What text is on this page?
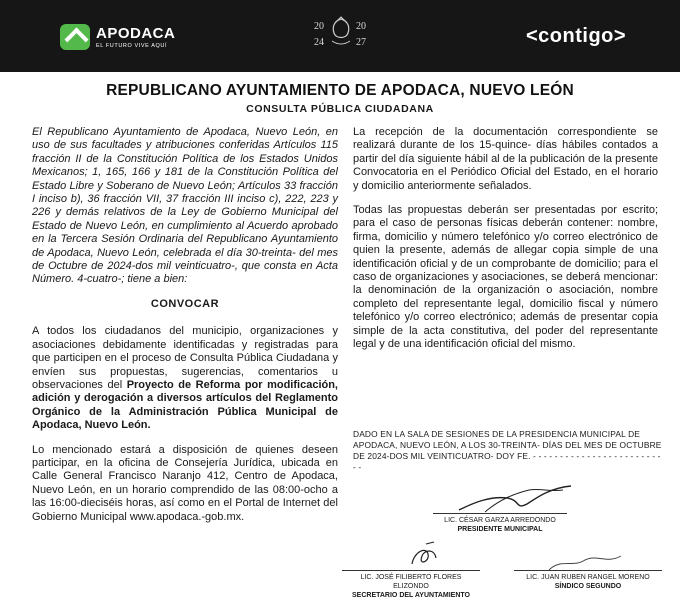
APODACA
EL FUTURO VIVE AQUÍ
20	20
24	27	<contigo>
REPUBLICANO AYUNTAMIENTO DE APODACA, NUEVO LEÓN
CONSULTA PÚBLICA CIUDADANA

El Republicano Ayuntamiento de Apodaca, Nuevo León, en uso de sus facultades y atribuciones conferidas Artículos 115 fracción II de la Constitución Política de los Estados Unidos Mexicanos; 1, 165, 166 y 181 de la Constitución Política del Estado Libre y Soberano de Nuevo León; Artículos 33 fracción I inciso b), 36 fracción VII, 37 fracción III inciso c), 222, 223 y 226 y demás relativos de la Ley de Gobierno Municipal del Estado de Nuevo León, en cumplimiento al Acuerdo aprobado en la Tercera Sesión Ordinaria del Republicano Ayuntamiento de Apodaca, Nuevo León, celebrada el día 30-treinta- del mes de Octubre de 2024-dos mil veinticuatro-, que consta en Acta Número. 4-cuatro-; tiene a bien:

CONVOCAR

A todos los ciudadanos del municipio, organizaciones y asociaciones debidamente identificadas y registradas para que participen en el proceso de Consulta Pública Ciudadana y envíen sus propuestas, sugerencias, comentarios u observaciones del Proyecto de Reforma por modificación, adición y derogación a diversos artículos del Reglamento Orgánico de la Administración Pública Municipal de Apodaca, Nuevo León.

Lo mencionado estará a disposición de quienes deseen participar, en la oficina de Consejería Jurídica, ubicada en Calle General Francisco Naranjo 412, Centro de Apodaca, Nuevo León, en un horario comprendido de las 08:00-ocho a las 16:00-dieciséis horas, así como en el Portal de Internet del Gobierno Municipal www.apodaca.-gob.mx.

La recepción de la documentación correspondiente se realizará durante de los 15-quince- días hábiles contados a partir del día siguiente hábil al de la publicación de la presente Convocatoria en el Periódico Oficial del Estado, en el horario y domicilio anteriormente señalados.

Todas las propuestas deberán ser presentadas por escrito; para el caso de personas físicas deberán contener: nombre, firma, domicilio y número telefónico y/o correo electrónico de quien la presente, además de allegar copia simple de una identificación oficial y de un comprobante de domicilio; para el caso de organizaciones y asociaciones, se deberá mencionar: la denominación de la organización o asociación, nombre completo del representante legal, domicilio fiscal y número telefónico y/o correo electrónico; además de presentar copia simple de la acta constitutiva, del poder del representante legal y de una identificación oficial del mismo.

DADO EN LA SALA DE SESIONES DE LA PRESIDENCIA MUNICIPAL DE APODACA, NUEVO LEÓN, A LOS 30-TREINTA- DÍAS DEL MES DE OCTUBRE DE 2024-DOS MIL VEINTICUATRO- DOY FE. - - - - - - - - - - - - - - - - - - - - - - - - - -
LIC. CÉSAR GARZA ARREDONDO
PRESIDENTE MUNICIPAL
LIC. JOSÉ FILIBERTO FLORES ELIZONDO
SECRETARIO DEL AYUNTAMIENTO
LIC. JUAN RUBEN RANGEL MORENO
SÍNDICO SEGUNDO
